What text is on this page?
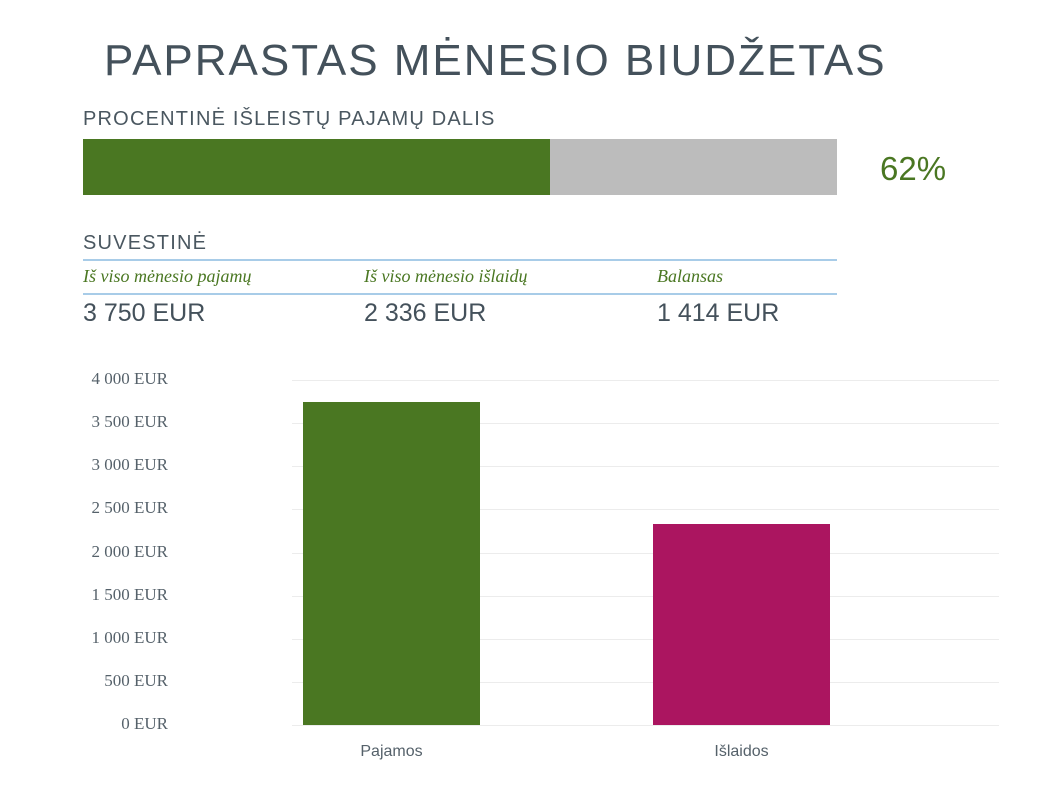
PAPRASTAS MĖNESIO BIUDŽETAS
PROCENTINĖ IŠLEISTŲ PAJAMŲ DALIS
62%
SUVESTINĖ
Iš viso mėnesio pajamų	Iš viso mėnesio išlaidų	Balansas
3 750 EUR	2 336 EUR	1 414 EUR
0 EUR
500 EUR
1 000 EUR
1 500 EUR
2 000 EUR
2 500 EUR
3 000 EUR
3 500 EUR
4 000 EUR
Pajamos	Išlaidos
